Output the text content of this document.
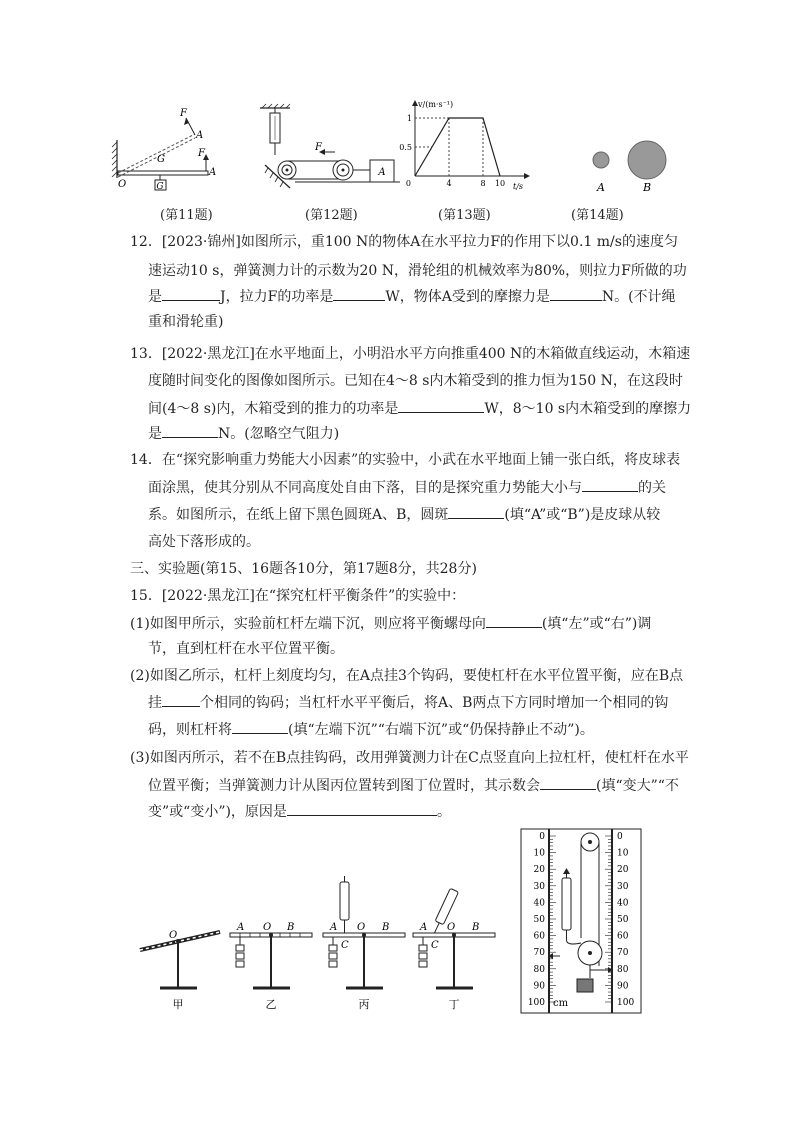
G
G
F
A
F
A
O
(第11题)
F
A
(第12题)
v/(m·s⁻¹)
t/s
1
0.5
0	4	8 10
(第13题)
A	B
(第14题)
12．[2023·锦州]如图所示，重100 N的物体A在水平拉力F的作用下以0.1 m/s的速度匀
速运动10 s，弹簧测力计的示数为20 N，滑轮组的机械效率为80%，则拉力F所做的功
是	J，拉力F的功率是	W，物体A受到的摩擦力是	N。(不计绳
重和滑轮重)
13．[2022·黑龙江]在水平地面上，小明沿水平方向推重400 N的木箱做直线运动，木箱速
度随时间变化的图像如图所示。已知在4～8 s内木箱受到的推力恒为150 N，在这段时
间(4～8 s)内，木箱受到的推力的功率是	W，8～10 s内木箱受到的摩擦力
是	N。(忽略空气阻力)
14．在“探究影响重力势能大小因素”的实验中，小武在水平地面上铺一张白纸，将皮球表
面涂黑，使其分别从不同高度处自由下落，目的是探究重力势能大小与	的关
系。如图所示，在纸上留下黑色圆斑A、B，圆斑	(填“A”或“B”)是皮球从较
高处下落形成的。
三、实验题(第15、16题各10分，第17题8分，共28分)
15．[2022·黑龙江]在“探究杠杆平衡条件”的实验中：
(1)如图甲所示，实验前杠杆左端下沉，则应将平衡螺母向	(填“左”或“右”)调
节，直到杠杆在水平位置平衡。
(2)如图乙所示，杠杆上刻度均匀，在A点挂3个钩码，要使杠杆在水平位置平衡，应在B点
挂	个相同的钩码；当杠杆水平平衡后，将A、B两点下方同时增加一个相同的钩
码，则杠杆将	(填“左端下沉”“右端下沉”或“仍保持静止不动”)。
(3)如图丙所示，若不在B点挂钩码，改用弹簧测力计在C点竖直向上拉杠杆，使杠杆在水平
位置平衡；当弹簧测力计从图丙位置转到图丁位置时，其示数会	(填“变大”“不
变”或“变小”)，原因是	。
O
甲
A O B
乙
A O B
C
丙
A O B
C
丁
0	0
10	10
20	20
30	30
40	40
50	50
60	60
70	70
80	80
90	90
100	100
cm
